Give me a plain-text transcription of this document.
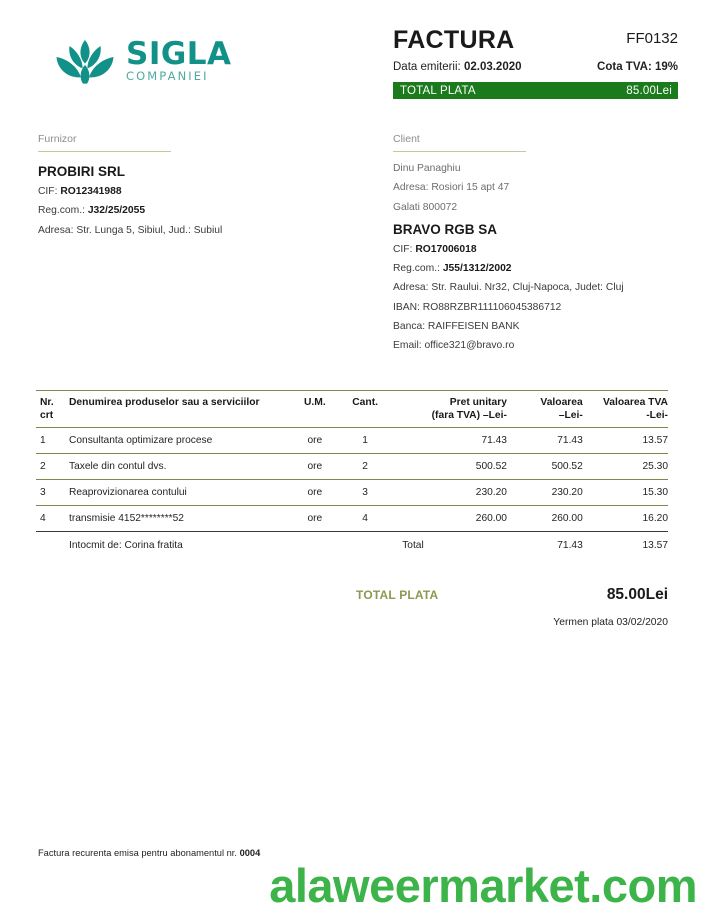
SIGLA
COMPANIEI
FACTURA	FF0132
Data emiterii: 02.03.2020	Cota TVA: 19%
TOTAL PLATA	85.00Lei
Furnizor
PROBIRI SRL
CIF: RO12341988
Reg.com.: J32/25/2055
Adresa: Str. Lunga 5, Sibiul, Jud.: Subiul
Client
Dinu Panaghiu
Adresa: Rosiori 15 apt 47
Galati 800072
BRAVO RGB SA
CIF: RO17006018
Reg.com.: J55/1312/2002
Adresa: Str. Raului. Nr32, Cluj-Napoca, Judet: Cluj
IBAN: RO88RZBR111106045386712
Banca: RAIFFEISEN BANK
Email: office321@bravo.ro
Nr.	Denumirea produselor sau a serviciilor	U.M.	Cant.	Pret unitary	Valoarea	Valoarea TVA
crt				(fara TVA) –Lei-	–Lei-	-Lei-
1	Consultanta optimizare procese	ore	1	71.43	71.43	13.57
2	Taxele din contul dvs.	ore	2	500.52	500.52	25.30
3	Reaprovizionarea contului	ore	3	230.20	230.20	15.30
4	transmisie 4152********52	ore	4	260.00	260.00	16.20
	Intocmit de: Corina fratita			Total	71.43	13.57
TOTAL PLATA	85.00Lei
Yermen plata 03/02/2020
Factura recurenta emisa pentru abonamentul nr. 0004
alaweermarket.com
